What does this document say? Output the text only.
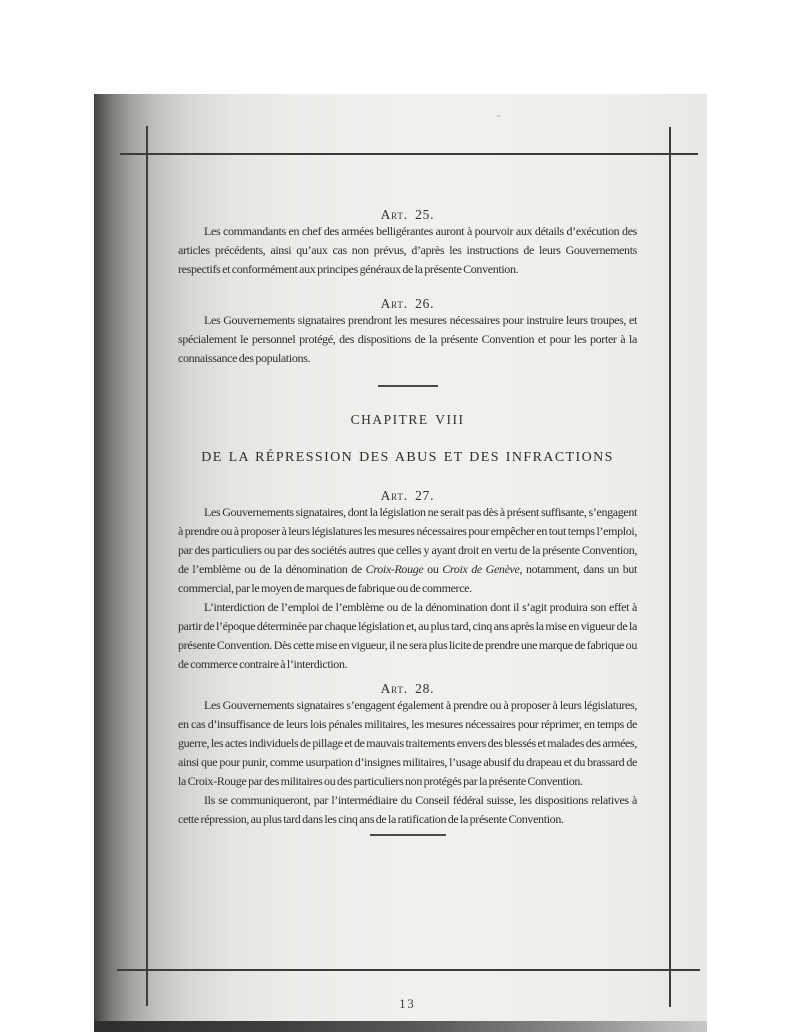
Art. 25.

Les commandants en chef des armées belligérantes auront à pourvoir aux détails d’exécution des articles précédents, ainsi qu’aux cas non prévus, d’après les instructions de leurs Gouvernements respectifs et conformément aux principes généraux de la présente Convention.

Art. 26.

Les Gouvernements signataires prendront les mesures nécessaires pour instruire leurs troupes, et spécialement le personnel protégé, des dispositions de la présente Convention et pour les porter à la connaissance des populations.

CHAPITRE VIII
DE LA RÉPRESSION DES ABUS ET DES INFRACTIONS
Art. 27.

Les Gouvernements signataires, dont la législation ne serait pas dès à présent suffisante, s’engagent à prendre ou à proposer à leurs législatures les mesures nécessaires pour empêcher en tout temps l’emploi, par des particuliers ou par des sociétés autres que celles y ayant droit en vertu de la présente Convention, de l’emblème ou de la dénomination de Croix-Rouge ou Croix de Genève, notamment, dans un but commercial, par le moyen de marques de fabrique ou de commerce.

L’interdiction de l’emploi de l’emblème ou de la dénomination dont il s’agit produira son effet à partir de l’époque déterminée par chaque législation et, au plus tard, cinq ans après la mise en vigueur de la présente Convention. Dès cette mise en vigueur, il ne sera plus licite de prendre une marque de fabrique ou de commerce contraire à l’interdiction.

Art. 28.

Les Gouvernements signataires s’engagent également à prendre ou à proposer à leurs législatures, en cas d’insuffisance de leurs lois pénales militaires, les mesures nécessaires pour réprimer, en temps de guerre, les actes individuels de pillage et de mauvais traitements envers des blessés et malades des armées, ainsi que pour punir, comme usurpation d’insignes militaires, l’usage abusif du drapeau et du brassard de la Croix-Rouge par des militaires ou des particuliers non protégés par la présente Convention.

Ils se communiqueront, par l’intermédiaire du Conseil fédéral suisse, les dispositions relatives à cette répression, au plus tard dans les cinq ans de la ratification de la présente Convention.

13
